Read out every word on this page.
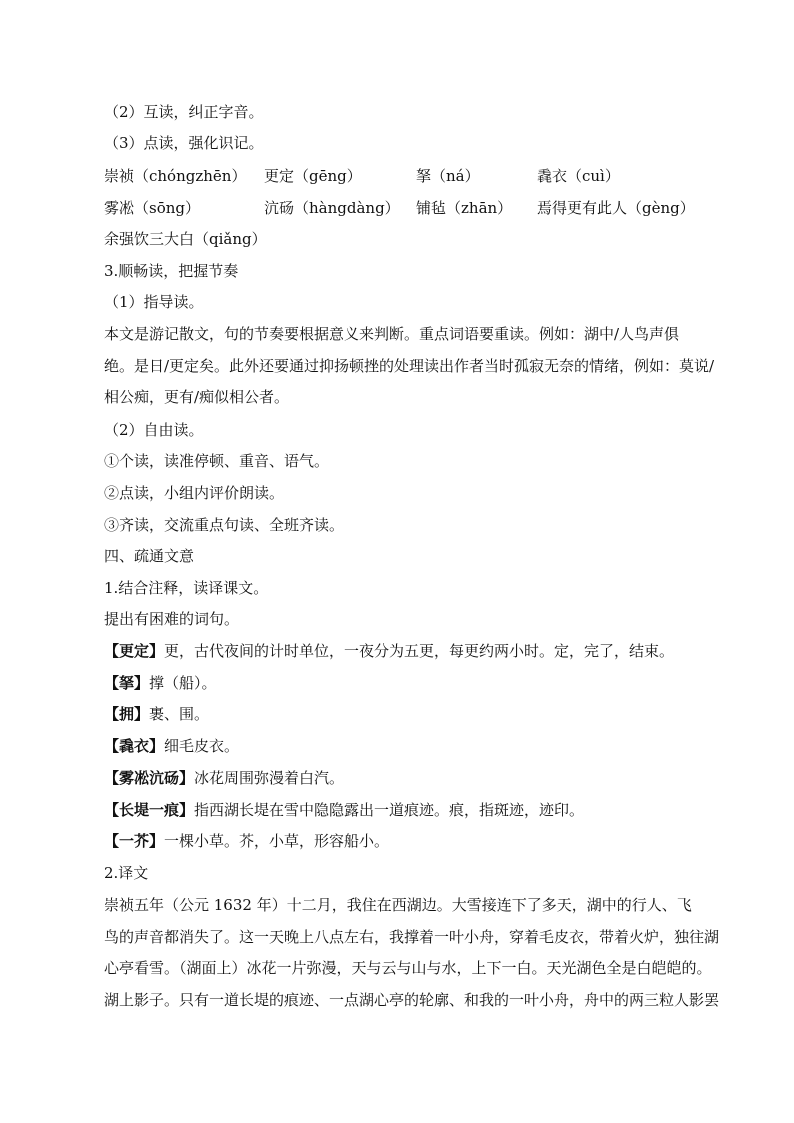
（2）互读，纠正字音。
（3）点读，强化识记。
崇祯（chóngzhēn） 更定（gēng）	拏（ná）	毳衣（cuì）
雾凇（sōng）	沆砀（hàngdàng） 铺毡（zhān） 焉得更有此人（gèng）
余强饮三大白（qiǎng）
3.顺畅读，把握节奏
（1）指导读。
本文是游记散文，句的节奏要根据意义来判断。重点词语要重读。例如：湖中/人鸟声俱
绝。是日/更定矣。此外还要通过抑扬顿挫的处理读出作者当时孤寂无奈的情绪，例如：莫说/
相公痴，更有/痴似相公者。
（2）自由读。
①个读，读准停顿、重音、语气。
②点读，小组内评价朗读。
③齐读，交流重点句读、全班齐读。
四、疏通文意
1.结合注释，读译课文。
提出有困难的词句。
【更定】更，古代夜间的计时单位，一夜分为五更，每更约两小时。定，完了，结束。
【拏】撑（船）。
【拥】裹、围。
【毳衣】细毛皮衣。
【雾凇沆砀】冰花周围弥漫着白汽。
【长堤一痕】指西湖长堤在雪中隐隐露出一道痕迹。痕，指斑迹，迹印。
【一芥】一棵小草。芥，小草，形容船小。
2.译文
崇祯五年（公元 1632 年）十二月，我住在西湖边。大雪接连下了多天，湖中的行人、飞
鸟的声音都消失了。这一天晚上八点左右，我撑着一叶小舟，穿着毛皮衣，带着火炉，独往湖
心亭看雪。（湖面上）冰花一片弥漫，天与云与山与水，上下一白。天光湖色全是白皑皑的。
湖上影子。只有一道长堤的痕迹、一点湖心亭的轮廓、和我的一叶小舟，舟中的两三粒人影罢
